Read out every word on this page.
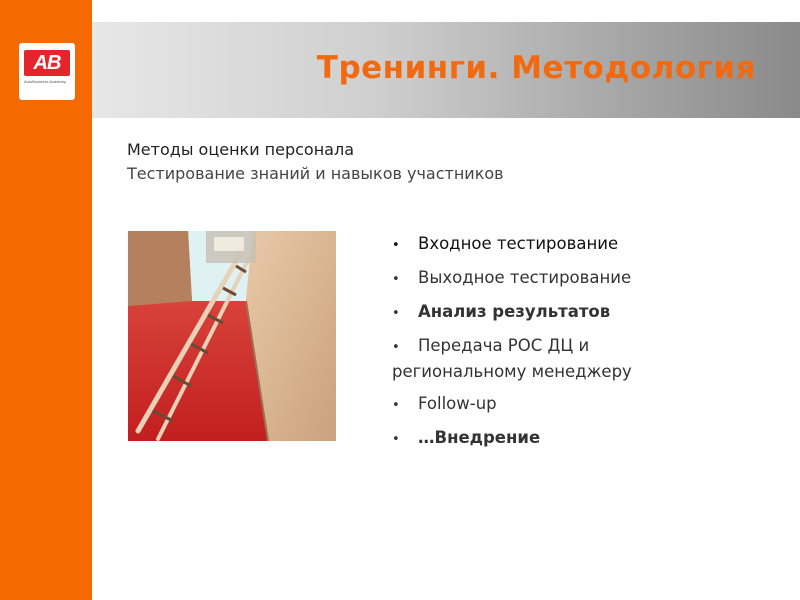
AB
AutoBusiness Academy	Тренинги. Методология
Методы оценки персонала
Тестирование знаний и навыков участников
• Входное тестирование
• Выходное тестирование
• Анализ результатов
• Передача РОС ДЦ и
региональному менеджеру
• Follow-up
• …Внедрение
